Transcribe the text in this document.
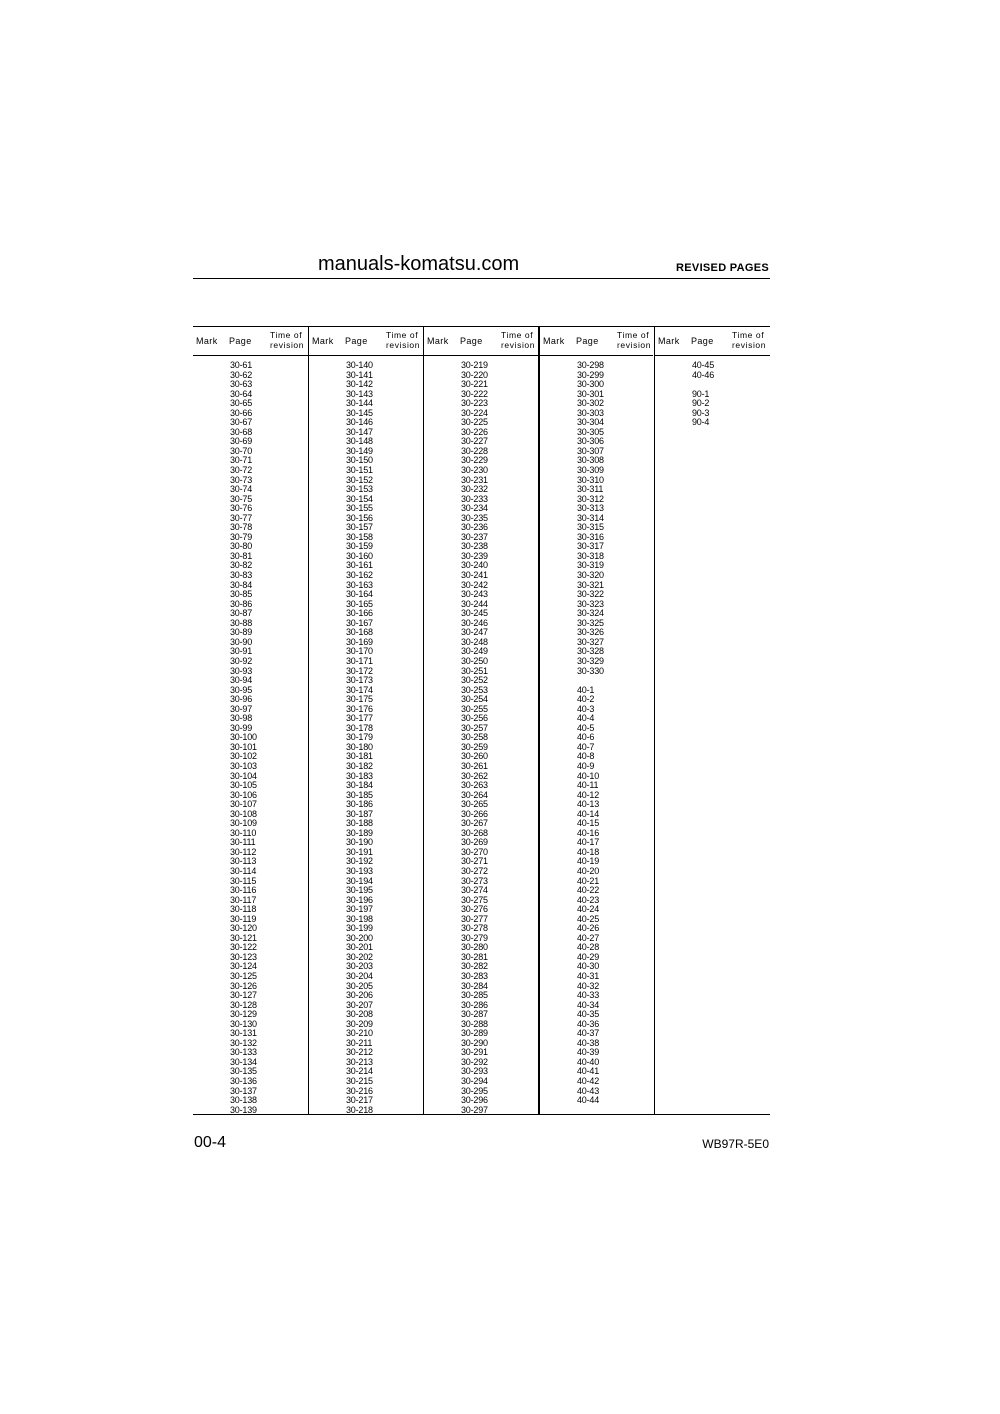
manuals-komatsu.com	REVISED PAGES
Mark Page
Time of
revision
30-61
30-62
30-63
30-64
30-65
30-66
30-67
30-68
30-69
30-70
30-71
30-72
30-73
30-74
30-75
30-76
30-77
30-78
30-79
30-80
30-81
30-82
30-83
30-84
30-85
30-86
30-87
30-88
30-89
30-90
30-91
30-92
30-93
30-94
30-95
30-96
30-97
30-98
30-99
30-100
30-101
30-102
30-103
30-104
30-105
30-106
30-107
30-108
30-109
30-110
30-111
30-112
30-113
30-114
30-115
30-116
30-117
30-118
30-119
30-120
30-121
30-122
30-123
30-124
30-125
30-126
30-127
30-128
30-129
30-130
30-131
30-132
30-133
30-134
30-135
30-136
30-137
30-138
30-139
Mark Page
Time of
revision
30-140
30-141
30-142
30-143
30-144
30-145
30-146
30-147
30-148
30-149
30-150
30-151
30-152
30-153
30-154
30-155
30-156
30-157
30-158
30-159
30-160
30-161
30-162
30-163
30-164
30-165
30-166
30-167
30-168
30-169
30-170
30-171
30-172
30-173
30-174
30-175
30-176
30-177
30-178
30-179
30-180
30-181
30-182
30-183
30-184
30-185
30-186
30-187
30-188
30-189
30-190
30-191
30-192
30-193
30-194
30-195
30-196
30-197
30-198
30-199
30-200
30-201
30-202
30-203
30-204
30-205
30-206
30-207
30-208
30-209
30-210
30-211
30-212
30-213
30-214
30-215
30-216
30-217
30-218
Mark Page
Time of
revision
30-219
30-220
30-221
30-222
30-223
30-224
30-225
30-226
30-227
30-228
30-229
30-230
30-231
30-232
30-233
30-234
30-235
30-236
30-237
30-238
30-239
30-240
30-241
30-242
30-243
30-244
30-245
30-246
30-247
30-248
30-249
30-250
30-251
30-252
30-253
30-254
30-255
30-256
30-257
30-258
30-259
30-260
30-261
30-262
30-263
30-264
30-265
30-266
30-267
30-268
30-269
30-270
30-271
30-272
30-273
30-274
30-275
30-276
30-277
30-278
30-279
30-280
30-281
30-282
30-283
30-284
30-285
30-286
30-287
30-288
30-289
30-290
30-291
30-292
30-293
30-294
30-295
30-296
30-297
Mark Page
Time of
revision
30-298
30-299
30-300
30-301
30-302
30-303
30-304
30-305
30-306
30-307
30-308
30-309
30-310
30-311
30-312
30-313
30-314
30-315
30-316
30-317
30-318
30-319
30-320
30-321
30-322
30-323
30-324
30-325
30-326
30-327
30-328
30-329
30-330
40-1
40-2
40-3
40-4
40-5
40-6
40-7
40-8
40-9
40-10
40-11
40-12
40-13
40-14
40-15
40-16
40-17
40-18
40-19
40-20
40-21
40-22
40-23
40-24
40-25
40-26
40-27
40-28
40-29
40-30
40-31
40-32
40-33
40-34
40-35
40-36
40-37
40-38
40-39
40-40
40-41
40-42
40-43
40-44
Mark Page
Time of
revision
40-45
40-46
90-1
90-2
90-3
90-4
00-4	WB97R-5E0
